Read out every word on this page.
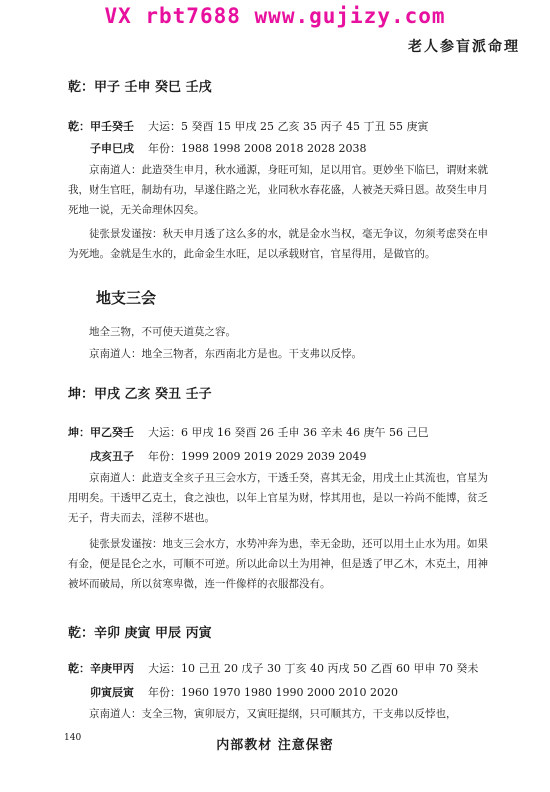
VX rbt7688 www.gujizy.com
老人参盲派命理
乾：甲子 壬申 癸巳 壬戌
乾：甲壬癸壬 大运：5 癸酉 15 甲戌 25 乙亥 35 丙子 45 丁丑 55 庚寅
子申巳戌 年份：1988 1998 2008 2018 2028 2038
京南道人：此造癸生申月，秋水通源，身旺可知，足以用官。更妙坐下临巳，谓财来就我，财生官旺，制劫有功，早遂住路之光，业同秋水春花盛，人被尧天舜日恩。故癸生申月死地一说，无关命理休囚矣。
徒张景发谨按：秋天申月透了这么多的水，就是金水当权，毫无争议，勿须考虑癸在申为死地。金就是生水的，此命金生水旺，足以承载财官，官星得用，是做官的。
地支三会
地全三物，不可使天道莫之容。
京南道人：地全三物者，东西南北方是也。干支弗以反悖。
坤：甲戌 乙亥 癸丑 壬子
坤：甲乙癸壬 大运：6 甲戌 16 癸酉 26 壬申 36 辛未 46 庚午 56 己巳
戌亥丑子 年份：1999 2009 2019 2029 2039 2049
京南道人：此造支全亥子丑三会水方，干透壬癸，喜其无金，用戌土止其流也，官星为用明矣。干透甲乙克土，食之浊也，以年上官星为财，悖其用也，是以一衿尚不能博，贫乏无子，背夫而去，淫秽不堪也。
徒张景发谨按：地支三会水方，水势冲奔为患，幸无金助，还可以用土止水为用。如果有金，便是昆仑之水，可顺不可逆。所以此命以土为用神，但是透了甲乙木，木克土，用神被坏而破局，所以贫寒卑微，连一件像样的衣服都没有。
乾：辛卯 庚寅 甲辰 丙寅
乾：辛庚甲丙 大运：10 己丑 20 戊子 30 丁亥 40 丙戌 50 乙酉 60 甲申 70 癸未
卯寅辰寅 年份：1960 1970 1980 1990 2000 2010 2020
京南道人：支全三物，寅卯辰方，又寅旺提纲，只可顺其方，干支弗以反悖也，
140	内部教材 注意保密
